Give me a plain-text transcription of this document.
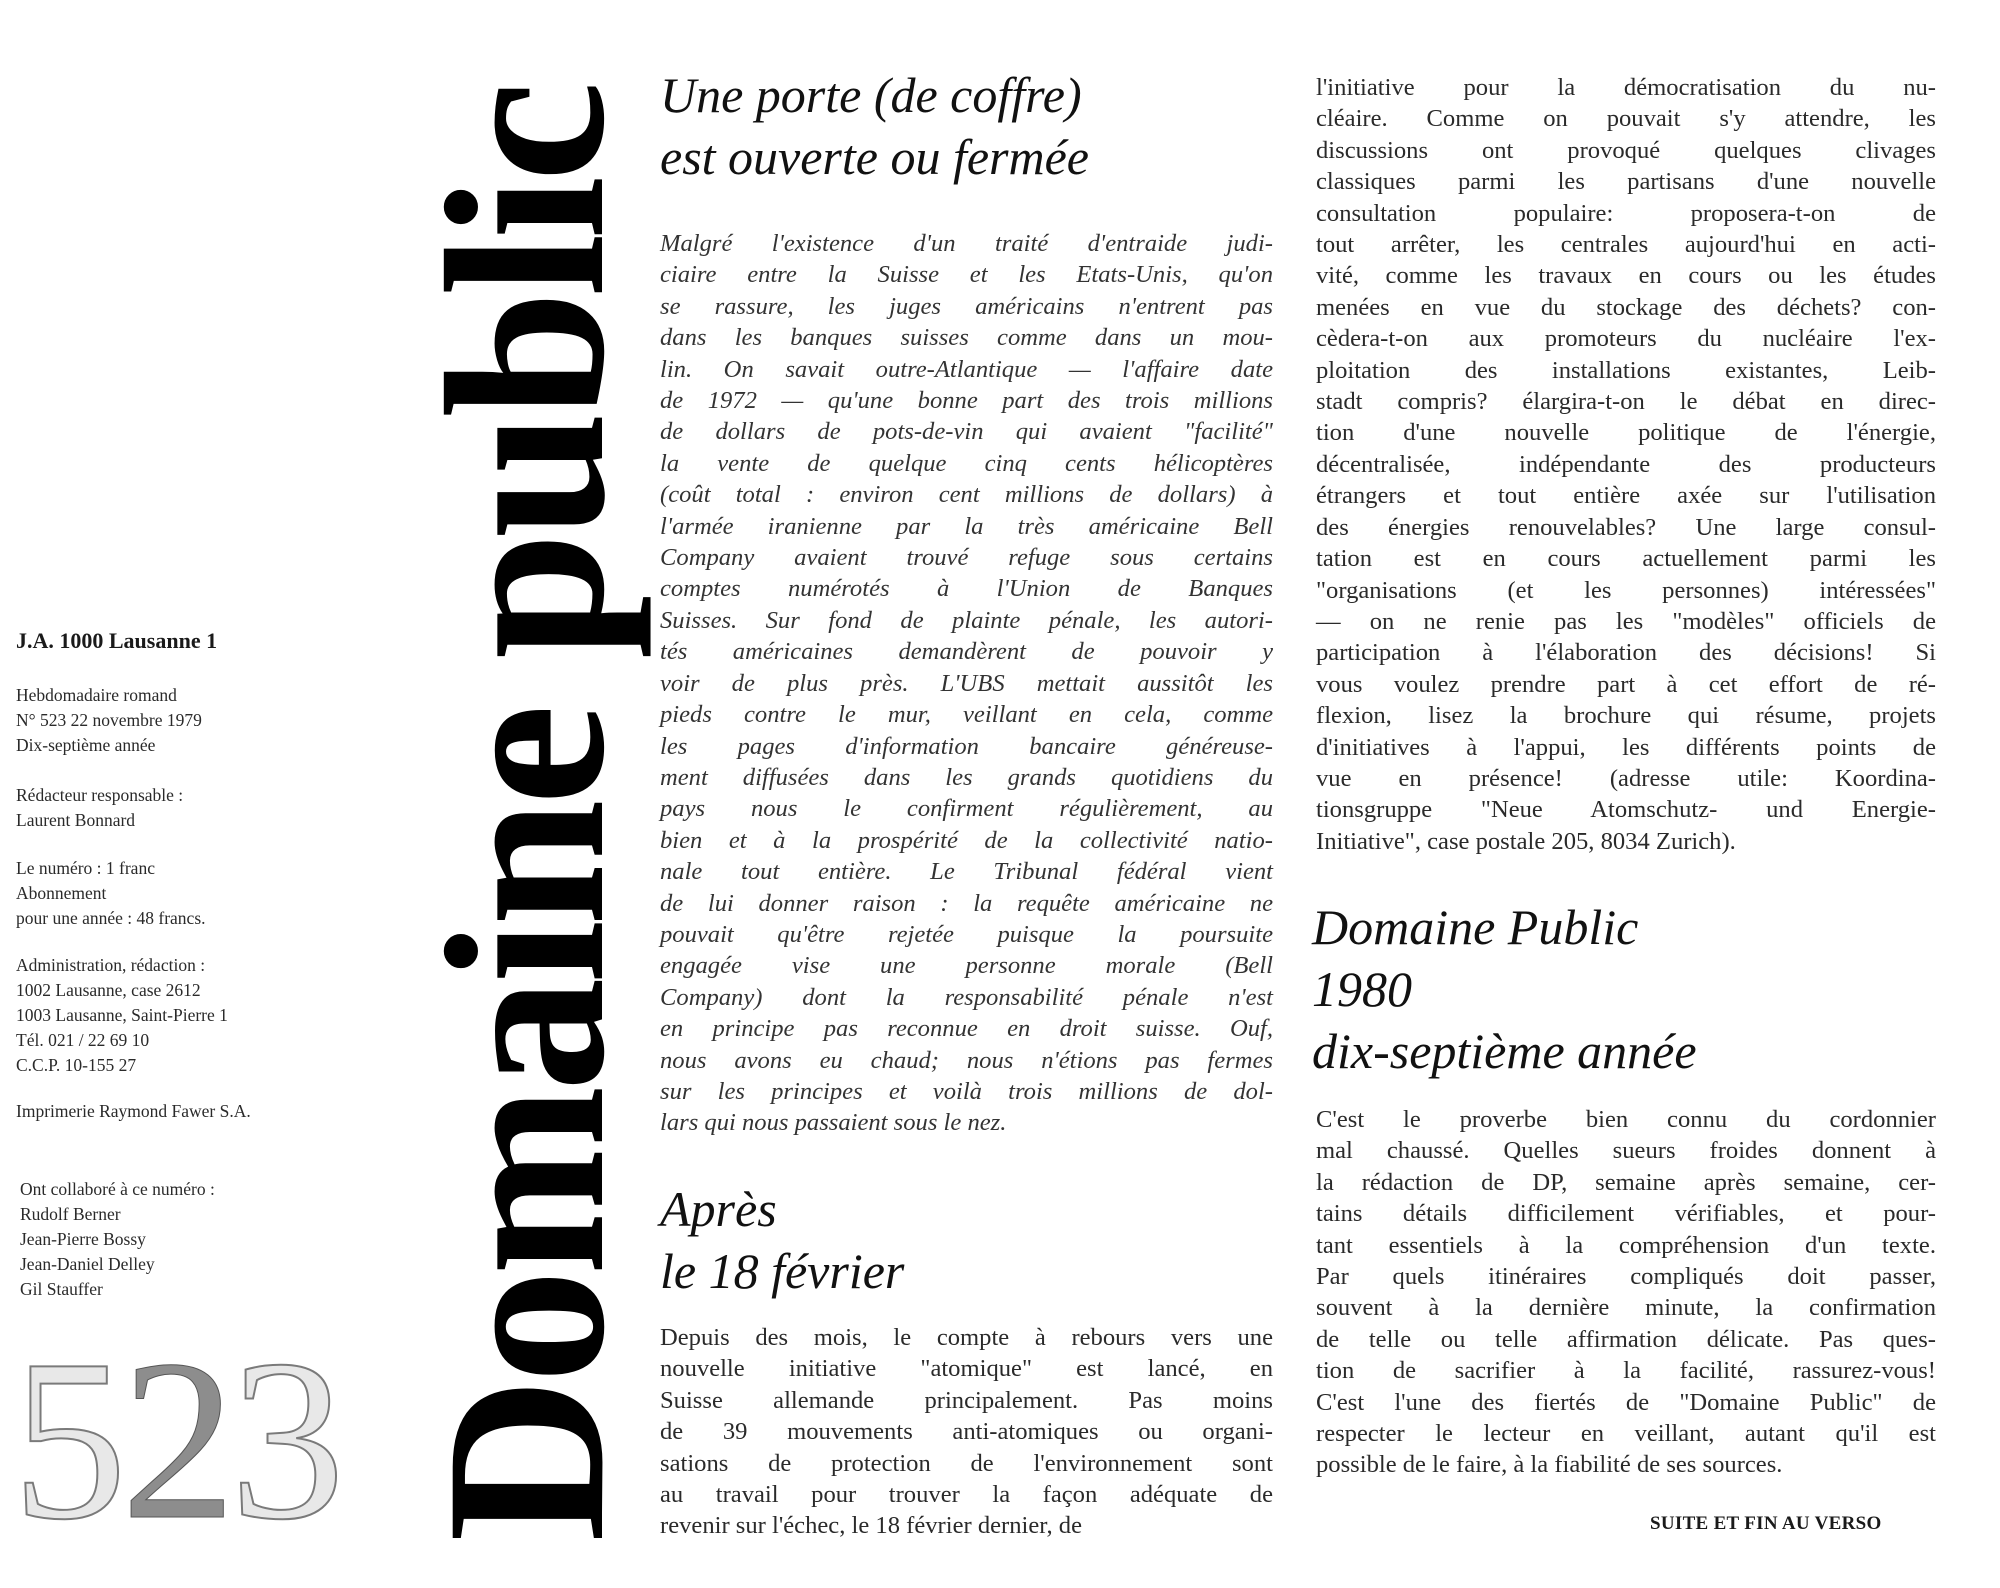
J.A. 1000 Lausanne 1
Hebdomadaire romand
N° 523 22 novembre 1979
Dix-septième année
Rédacteur responsable :
Laurent Bonnard
Le numéro : 1 franc
Abonnement
pour une année : 48 francs.
Administration, rédaction :
1002 Lausanne, case 2612
1003 Lausanne, Saint-Pierre 1
Tél. 021 / 22 69 10
C.C.P. 10-155 27
Imprimerie Raymond Fawer S.A.
Ont collaboré à ce numéro :
Rudolf Berner
Jean-Pierre Bossy
Jean-Daniel Delley
Gil Stauffer
523 Domaine public Une porte (de coffre)
est ouverte ou fermée

Malgré l'existence d'un traité d'entraide judi-
ciaire entre la Suisse et les Etats-Unis, qu'on
se rassure, les juges américains n'entrent pas
dans les banques suisses comme dans un mou-
lin. On savait outre-Atlantique — l'affaire date
de 1972 — qu'une bonne part des trois millions
de dollars de pots-de-vin qui avaient "facilité"
la vente de quelque cinq cents hélicoptères
(coût total : environ cent millions de dollars) à
l'armée iranienne par la très américaine Bell
Company avaient trouvé refuge sous certains
comptes numérotés à l'Union de Banques
Suisses. Sur fond de plainte pénale, les autori-
tés américaines demandèrent de pouvoir y
voir de plus près. L'UBS mettait aussitôt les
pieds contre le mur, veillant en cela, comme
les pages d'information bancaire généreuse-
ment diffusées dans les grands quotidiens du
pays nous le confirment régulièrement, au
bien et à la prospérité de la collectivité natio-
nale tout entière. Le Tribunal fédéral vient
de lui donner raison : la requête américaine ne
pouvait qu'être rejetée puisque la poursuite
engagée vise une personne morale (Bell
Company) dont la responsabilité pénale n'est
en principe pas reconnue en droit suisse. Ouf,
nous avons eu chaud; nous n'étions pas fermes
sur les principes et voilà trois millions de dol-
lars qui nous passaient sous le nez.
Après
le 18 février

Depuis des mois, le compte à rebours vers une
nouvelle initiative "atomique" est lancé, en
Suisse allemande principalement. Pas moins
de 39 mouvements anti-atomiques ou organi-
sations de protection de l'environnement sont
au travail pour trouver la façon adéquate de
revenir sur l'échec, le 18 février dernier, de
l'initiative pour la démocratisation du nu-
cléaire. Comme on pouvait s'y attendre, les
discussions ont provoqué quelques clivages
classiques parmi les partisans d'une nouvelle
consultation populaire: proposera-t-on de
tout arrêter, les centrales aujourd'hui en acti-
vité, comme les travaux en cours ou les études
menées en vue du stockage des déchets? con-
cèdera-t-on aux promoteurs du nucléaire l'ex-
ploitation des installations existantes, Leib-
stadt compris? élargira-t-on le débat en direc-
tion d'une nouvelle politique de l'énergie,
décentralisée, indépendante des producteurs
étrangers et tout entière axée sur l'utilisation
des énergies renouvelables? Une large consul-
tation est en cours actuellement parmi les
"organisations (et les personnes) intéressées"
— on ne renie pas les "modèles" officiels de
participation à l'élaboration des décisions! Si
vous voulez prendre part à cet effort de ré-
flexion, lisez la brochure qui résume, projets
d'initiatives à l'appui, les différents points de
vue en présence! (adresse utile: Koordina-
tionsgruppe "Neue Atomschutz- und Energie-
Initiative", case postale 205, 8034 Zurich).
Domaine Public
1980
dix-septième année

C'est le proverbe bien connu du cordonnier
mal chaussé. Quelles sueurs froides donnent à
la rédaction de DP, semaine après semaine, cer-
tains détails difficilement vérifiables, et pour-
tant essentiels à la compréhension d'un texte.
Par quels itinéraires compliqués doit passer,
souvent à la dernière minute, la confirmation
de telle ou telle affirmation délicate. Pas ques-
tion de sacrifier à la facilité, rassurez-vous!
C'est l'une des fiertés de "Domaine Public" de
respecter le lecteur en veillant, autant qu'il est
possible de le faire, à la fiabilité de ses sources.
SUITE ET FIN AU VERSO
